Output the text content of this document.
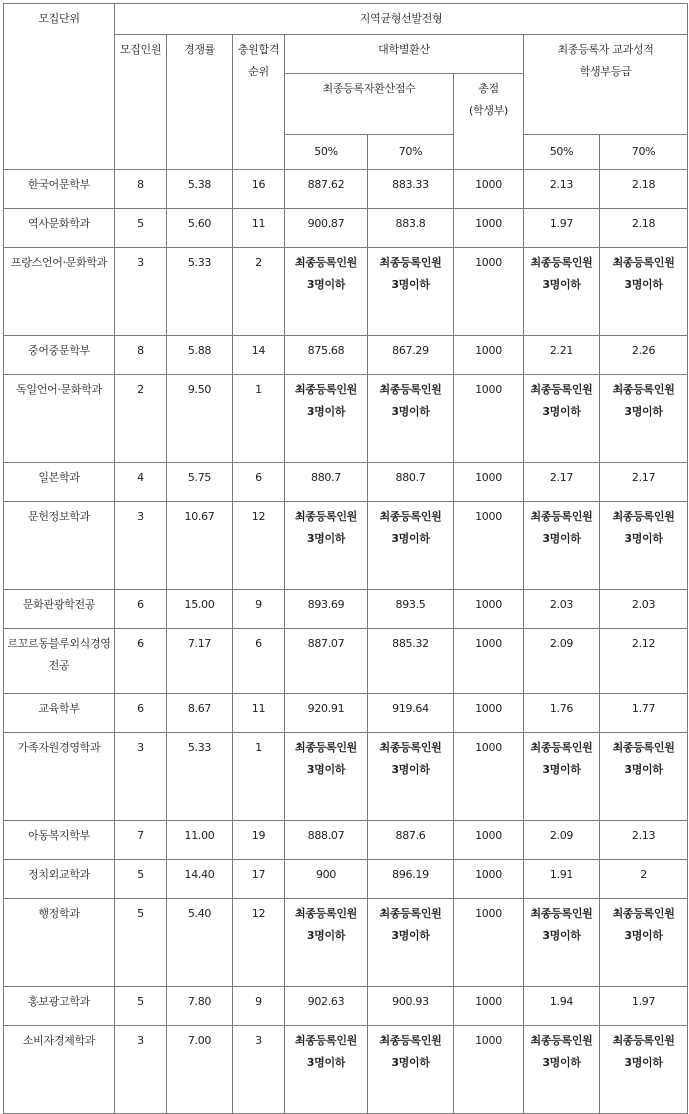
모집단위	지역균형선발전형							
	모집인원	경쟁률	충원합격순위	대학별환산			최종등록자 교과성적 학생부등급	
				최종등록자환산점수		총점(학생부)		
				50%	70%		50%	70%
한국어문학부	8	5.38	16	887.62	883.33	1000	2.13	2.18
역사문화학과	5	5.60	11	900.87	883.8	1000	1.97	2.18
프랑스언어·문화학과	3	5.33	2	최종등록인원 3명이하	최종등록인원 3명이하	1000	최종등록인원 3명이하	최종등록인원 3명이하
중어중문학부	8	5.88	14	875.68	867.29	1000	2.21	2.26
독일언어·문화학과	2	9.50	1	최종등록인원 3명이하	최종등록인원 3명이하	1000	최종등록인원 3명이하	최종등록인원 3명이하
일본학과	4	5.75	6	880.7	880.7	1000	2.17	2.17
문헌정보학과	3	10.67	12	최종등록인원 3명이하	최종등록인원 3명이하	1000	최종등록인원 3명이하	최종등록인원 3명이하
문화관광학전공	6	15.00	9	893.69	893.5	1000	2.03	2.03
르꼬르동블루외식경영전공	6	7.17	6	887.07	885.32	1000	2.09	2.12
교육학부	6	8.67	11	920.91	919.64	1000	1.76	1.77
가족자원경영학과	3	5.33	1	최종등록인원 3명이하	최종등록인원 3명이하	1000	최종등록인원 3명이하	최종등록인원 3명이하
아동복지학부	7	11.00	19	888.07	887.6	1000	2.09	2.13
정치외교학과	5	14.40	17	900	896.19	1000	1.91	2
행정학과	5	5.40	12	최종등록인원 3명이하	최종등록인원 3명이하	1000	최종등록인원 3명이하	최종등록인원 3명이하
홍보광고학과	5	7.80	9	902.63	900.93	1000	1.94	1.97
소비자경제학과	3	7.00	3	최종등록인원 3명이하	최종등록인원 3명이하	1000	최종등록인원 3명이하	최종등록인원 3명이하
